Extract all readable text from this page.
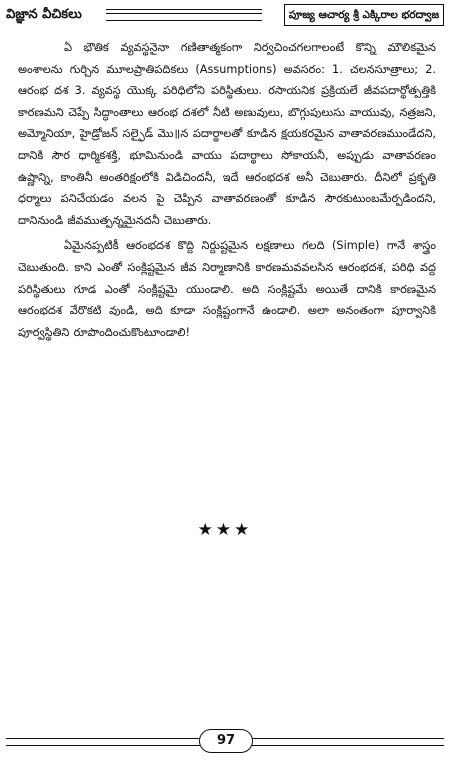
విజ్ఞాన వీచికలు	పూజ్య ఆచార్య శ్రీ ఎక్కిరాల భరద్వాజ

ఏ భౌతిక వ్యవస్థనైనా గణితాత్మకంగా నిర్వచించగలగాలంటే కొన్ని మౌలికమైన అంశాలను గుర్చిన మూలప్రాతిపదికలు (Assumptions) అవసరం: 1. చలనసూత్రాలు; 2. ఆరంభ దశ 3. వ్యవస్థ యొక్క పరిధిలోని పరిస్థితులు. రసాయనిక ప్రక్రియలే జీవపదార్థోత్పత్తికి కారణమని చెప్పే సిద్ధాంతాలు ఆరంభ దశలో నీటి అణువులు, బొగ్గుపులుసు వాయువు, నత్రజని, అమ్మోనియా, హైడ్రోజన్ సల్ఫైడ్ మొ॥న పదార్థాలతో కూడిన క్షయకరమైన వాతావరణముండేదని, దానికి సౌర ధార్మికశక్తి, భూమినుండి వాయు పదార్థాలు సోకాయనీ, అప్పుడు వాతావరణం ఉష్ణాన్ని, కాంతినీ అంతరిక్షంలోకి విడిచిందనీ, ఇదే ఆరంభదశ అనీ చెబుతారు. దీనిలో ప్రకృతి ధర్మాలు పనిచేయడం వలన పై చెప్పిన వాతావరణంతో కూడిన సౌరకుటుంబమేర్పడిందని, దానినుండి జీవముత్పన్నమైనదనీ చెబుతారు.

ఏమైనప్పటికీ ఆరంభదశ కొద్ది నిర్దుష్టమైన లక్షణాలు గలది (Simple) గానే శాస్త్రం చెబుతుంది. కాని ఎంతో సంక్లిష్టమైన జీవ నిర్మాణానికి కారణమవవలసిన ఆరంభదశ, పరిధి వద్ద పరిస్థితులు గూడ ఎంతో సంక్లిష్టమై యుండాలి. అది సంక్లిష్టమే అయితే దానికి కారణమైన ఆరంభదశ వేరొకటి వుండి, అది కూడా సంక్లిష్టంగానే ఉండాలి. అలా అనంతంగా పూర్వానికి పూర్వస్థితిని రూపొందించుకొంటూండాలి!

★★★
97
